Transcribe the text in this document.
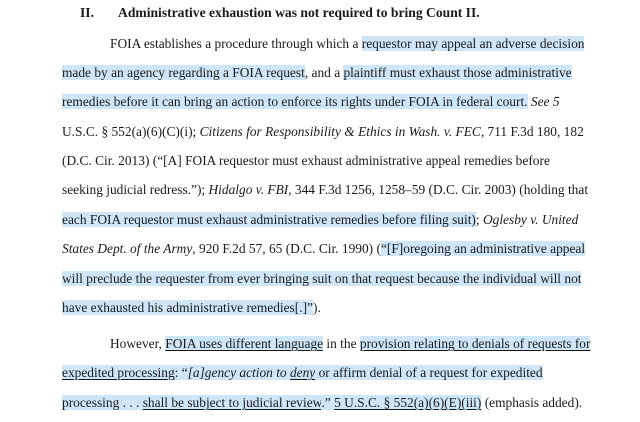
II. Administrative exhaustion was not required to bring Count II.
FOIA establishes a procedure through which a requestor may appeal an adverse decision
made by an agency regarding a FOIA request, and a plaintiff must exhaust those administrative
remedies before it can bring an action to enforce its rights under FOIA in federal court. See 5
U.S.C. § 552(a)(6)(C)(i); Citizens for Responsibility & Ethics in Wash. v. FEC, 711 F.3d 180, 182
(D.C. Cir. 2013) (“[A] FOIA requestor must exhaust administrative appeal remedies before
seeking judicial redress.”); Hidalgo v. FBI, 344 F.3d 1256, 1258–59 (D.C. Cir. 2003) (holding that
each FOIA requestor must exhaust administrative remedies before filing suit); Oglesby v. United
States Dept. of the Army, 920 F.2d 57, 65 (D.C. Cir. 1990) (“[F]oregoing an administrative appeal
will preclude the requester from ever bringing suit on that request because the individual will not
have exhausted his administrative remedies[.]”).
However, FOIA uses different language in the provision relating to denials of requests for
expedited processing: “[a]gency action to deny or affirm denial of a request for expedited
processing . . . shall be subject to judicial review.” 5 U.S.C. § 552(a)(6)(E)(iii) (emphasis added).
